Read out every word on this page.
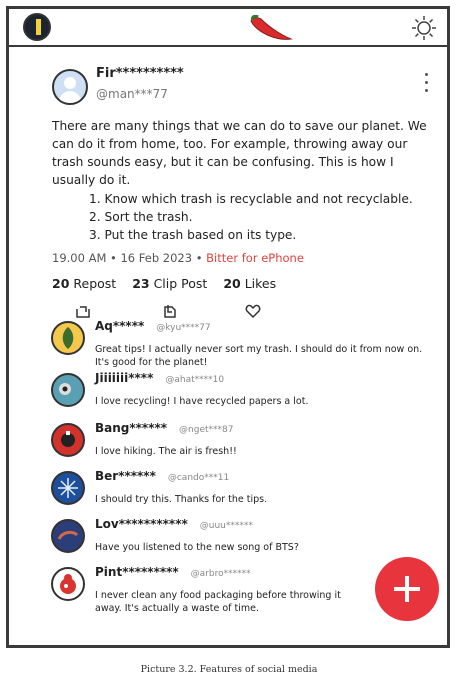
Fir**********
@man***77
There are many things that we can do to save our planet. We can do it from home, too. For example, throwing away our trash sounds easy, but it can be confusing. This is how I usually do it.
1. Know which trash is recyclable and not recyclable.
2. Sort the trash.
3. Put the trash based on its type.
19.00 AM • 16 Feb 2023 • Bitter for ePhone
20 Repost 23 Clip Post 20 Likes
Aq***** @kyu****77
Great tips! I actually never sort my trash. I should do it from now on. It's good for the planet!
Jiiiiiii**** @ahat****10
I love recycling! I have recycled papers a lot.
Bang****** @nget***87
I love hiking. The air is fresh!!
Ber****** @cando***11
I should try this. Thanks for the tips.
Lov*********** @uuu******
Have you listened to the new song of BTS?
Pint********* @arbro******
I never clean any food packaging before throwing it away. It's actually a waste of time.
Picture 3.2. Features of social media
